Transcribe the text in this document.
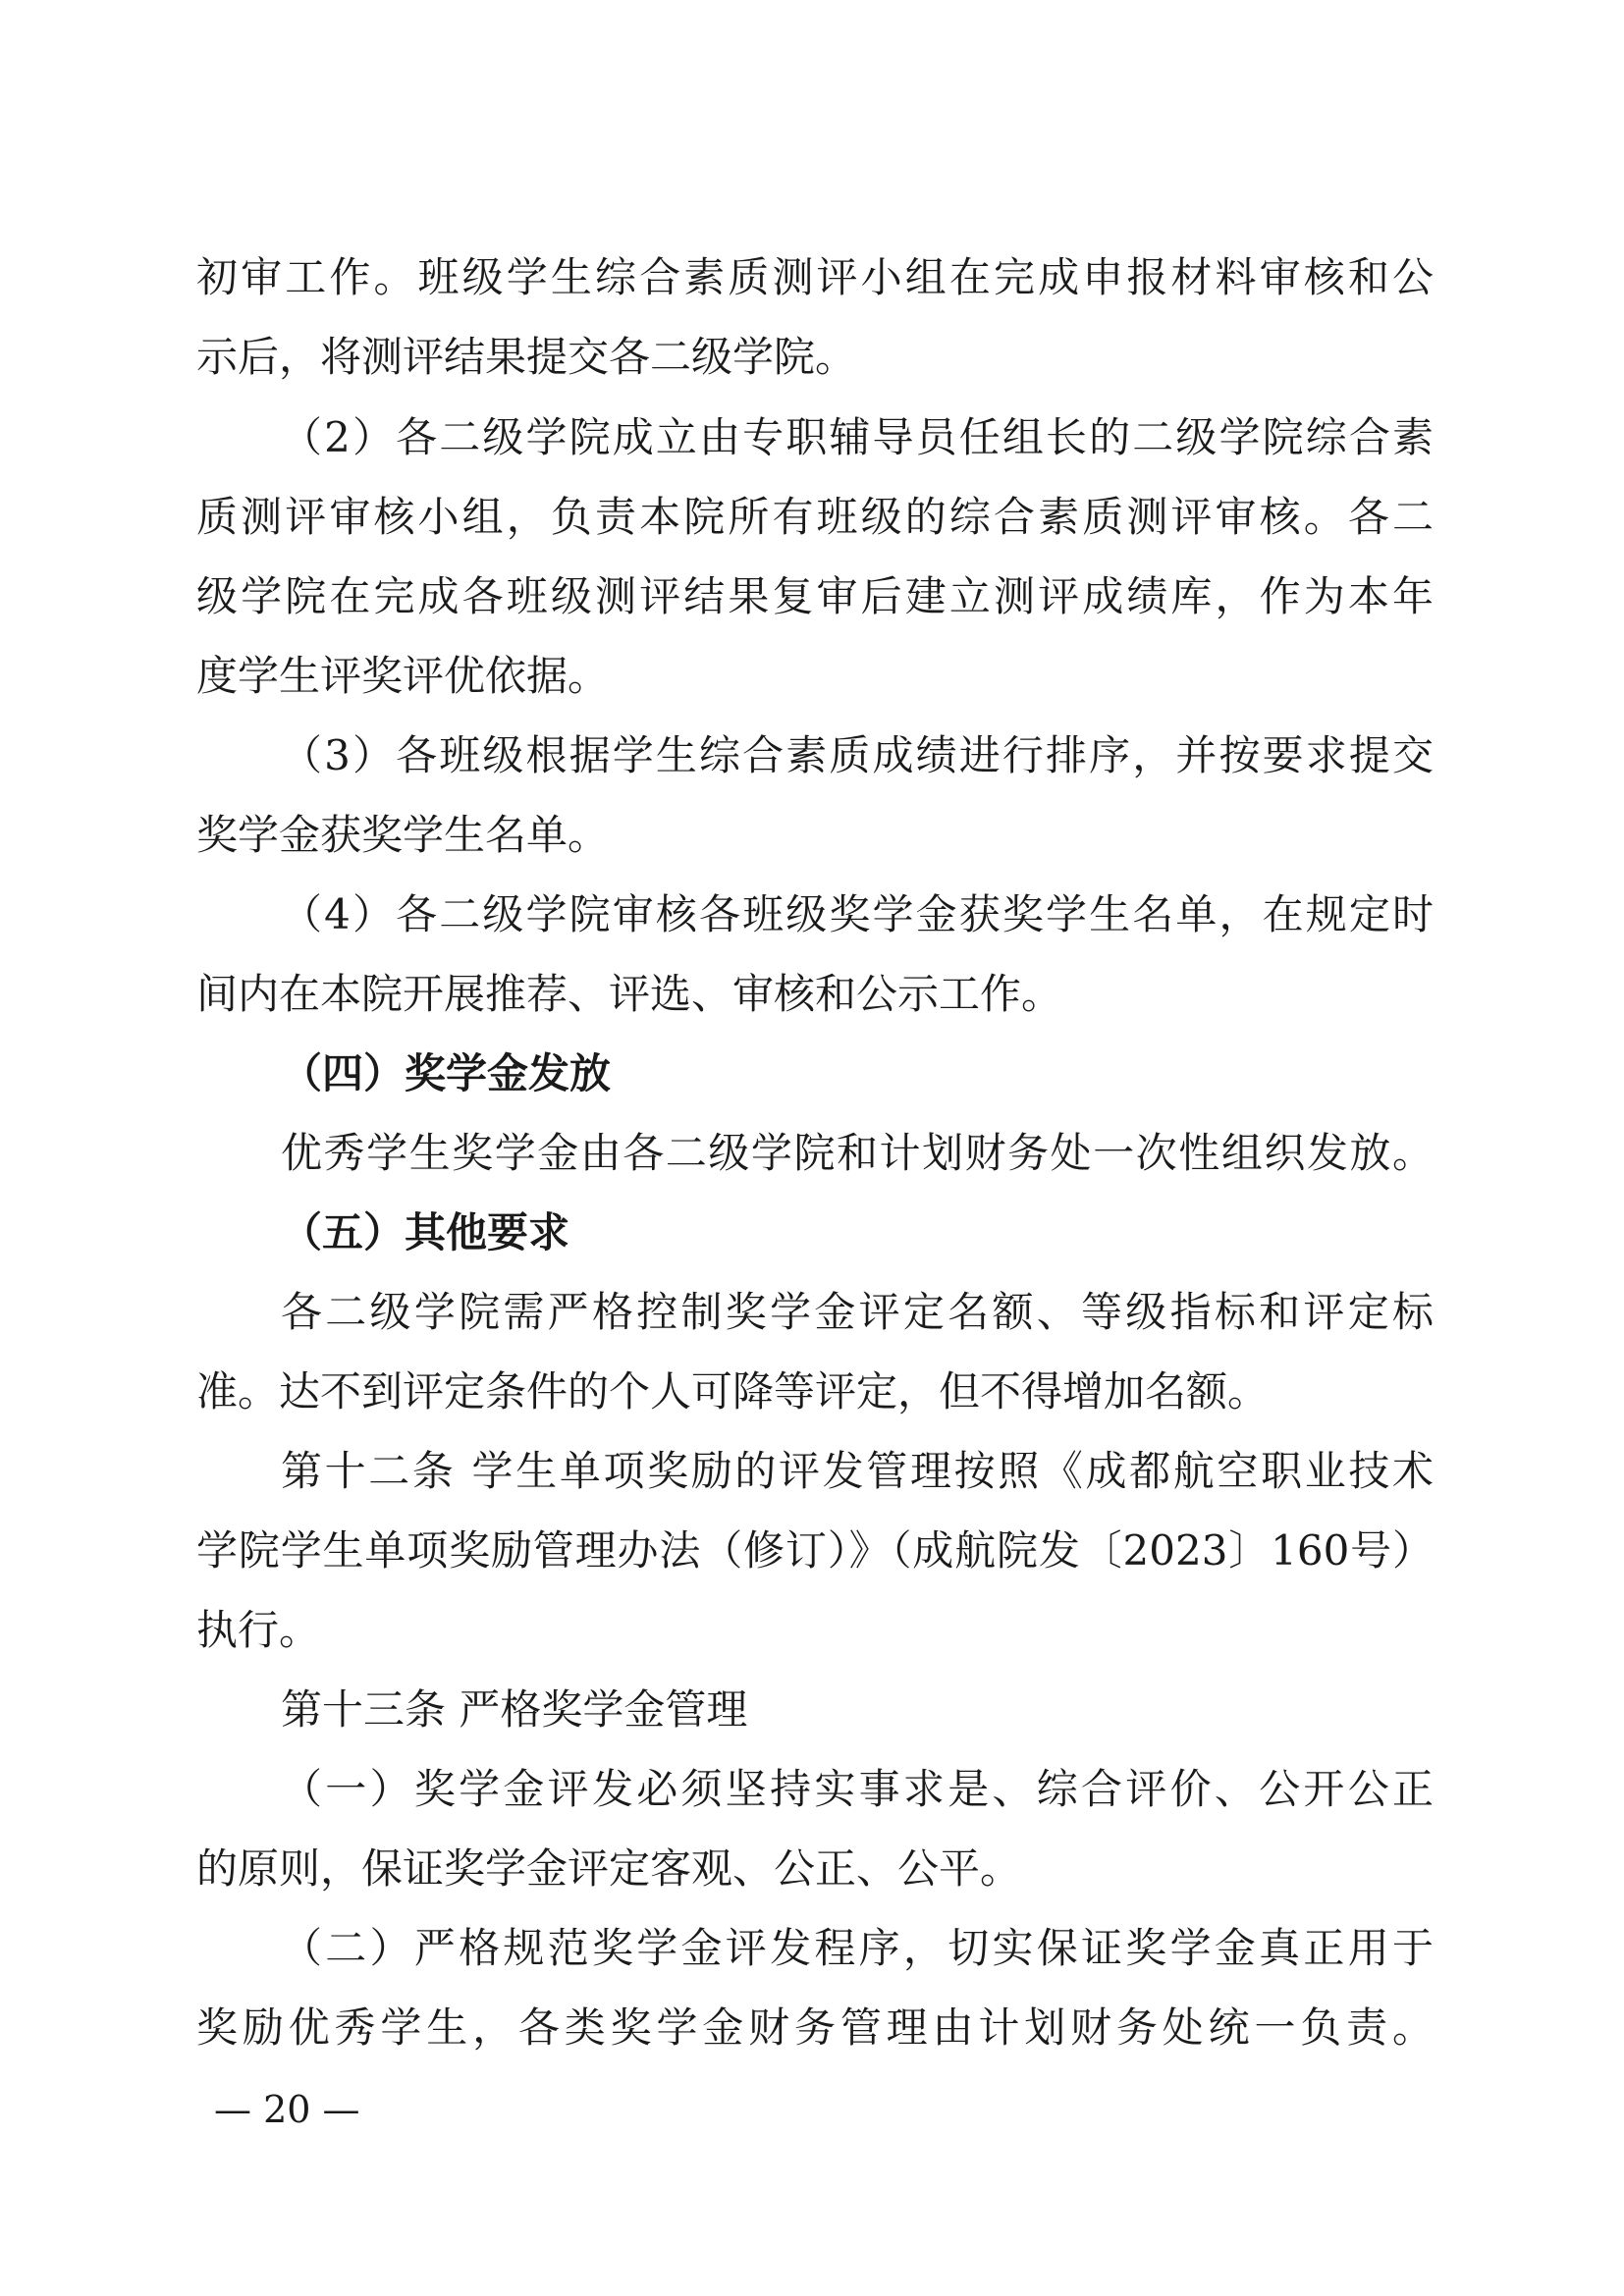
初审工作。班级学生综合素质测评小组在完成申报材料审核和公
示后，将测评结果提交各二级学院。
（2）各二级学院成立由专职辅导员任组长的二级学院综合素
质测评审核小组，负责本院所有班级的综合素质测评审核。各二
级学院在完成各班级测评结果复审后建立测评成绩库，作为本年
度学生评奖评优依据。
（3）各班级根据学生综合素质成绩进行排序，并按要求提交
奖学金获奖学生名单。
（4）各二级学院审核各班级奖学金获奖学生名单，在规定时
间内在本院开展推荐、评选、审核和公示工作。
（四）奖学金发放
优秀学生奖学金由各二级学院和计划财务处一次性组织发放。
（五）其他要求
各二级学院需严格控制奖学金评定名额、等级指标和评定标
准。达不到评定条件的个人可降等评定，但不得增加名额。
第十二条 学生单项奖励的评发管理按照《成都航空职业技术
学院学生单项奖励管理办法（修订）》（成航院发〔2023〕160号）
执行。
第十三条 严格奖学金管理
（一）奖学金评发必须坚持实事求是、综合评价、公开公正
的原则，保证奖学金评定客观、公正、公平。
（二）严格规范奖学金评发程序，切实保证奖学金真正用于
奖励优秀学生，各类奖学金财务管理由计划财务处统一负责。
— 20 —
